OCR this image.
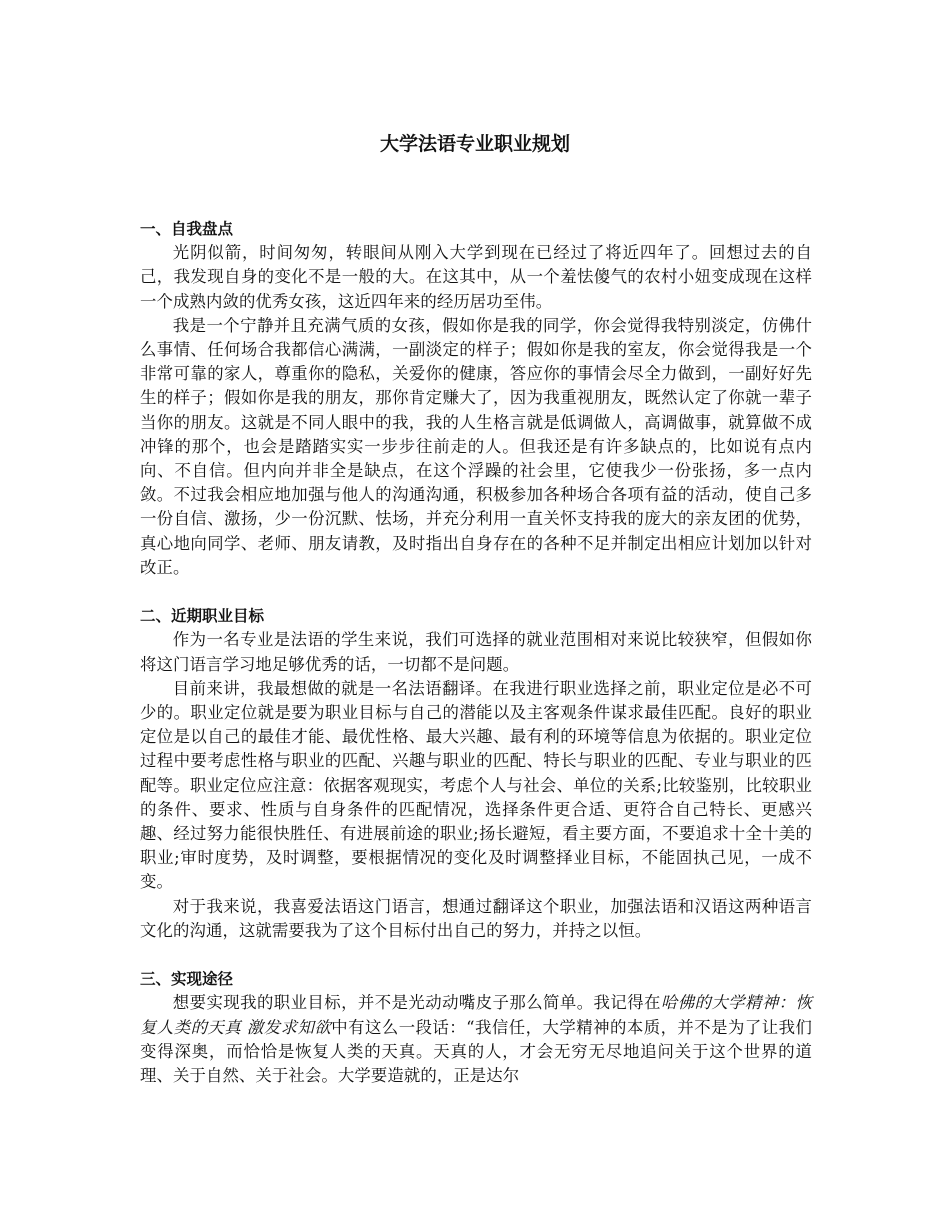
大学法语专业职业规划
一、自我盘点

光阴似箭，时间匆匆，转眼间从刚入大学到现在已经过了将近四年了。回想过去的自己，我发现自身的变化不是一般的大。在这其中，从一个羞怯傻气的农村小妞变成现在这样一个成熟内敛的优秀女孩，这近四年来的经历居功至伟。

我是一个宁静并且充满气质的女孩，假如你是我的同学，你会觉得我特别淡定，仿佛什么事情、任何场合我都信心满满，一副淡定的样子；假如你是我的室友，你会觉得我是一个非常可靠的家人，尊重你的隐私，关爱你的健康，答应你的事情会尽全力做到，一副好好先生的样子；假如你是我的朋友，那你肯定赚大了，因为我重视朋友，既然认定了你就一辈子当你的朋友。这就是不同人眼中的我，我的人生格言就是低调做人，高调做事，就算做不成冲锋的那个，也会是踏踏实实一步步往前走的人。但我还是有许多缺点的，比如说有点内向、不自信。但内向并非全是缺点，在这个浮躁的社会里，它使我少一份张扬，多一点内敛。不过我会相应地加强与他人的沟通沟通，积极参加各种场合各项有益的活动，使自己多一份自信、激扬，少一份沉默、怯场，并充分利用一直关怀支持我的庞大的亲友团的优势，真心地向同学、老师、朋友请教，及时指出自身存在的各种不足并制定出相应计划加以针对改正。

二、近期职业目标

作为一名专业是法语的学生来说，我们可选择的就业范围相对来说比较狭窄，但假如你将这门语言学习地足够优秀的话，一切都不是问题。

目前来讲，我最想做的就是一名法语翻译。在我进行职业选择之前，职业定位是必不可少的。职业定位就是要为职业目标与自己的潜能以及主客观条件谋求最佳匹配。良好的职业定位是以自己的最佳才能、最优性格、最大兴趣、最有利的环境等信息为依据的。职业定位过程中要考虑性格与职业的匹配、兴趣与职业的匹配、特长与职业的匹配、专业与职业的匹配等。职业定位应注意：依据客观现实，考虑个人与社会、单位的关系;比较鉴别，比较职业的条件、要求、性质与自身条件的匹配情况，选择条件更合适、更符合自己特长、更感兴趣、经过努力能很快胜任、有进展前途的职业;扬长避短，看主要方面，不要追求十全十美的职业;审时度势，及时调整，要根据情况的变化及时调整择业目标，不能固执己见，一成不变。

对于我来说，我喜爱法语这门语言，想通过翻译这个职业，加强法语和汉语这两种语言文化的沟通，这就需要我为了这个目标付出自己的努力，并持之以恒。

三、实现途径

想要实现我的职业目标，并不是光动动嘴皮子那么简单。我记得在哈佛的大学精神：恢复人类的天真 激发求知欲中有这么一段话：“我信任，大学精神的本质，并不是为了让我们变得深奥，而恰恰是恢复人类的天真。天真的人，才会无穷无尽地追问关于这个世界的道理、关于自然、关于社会。大学要造就的，正是达尔
